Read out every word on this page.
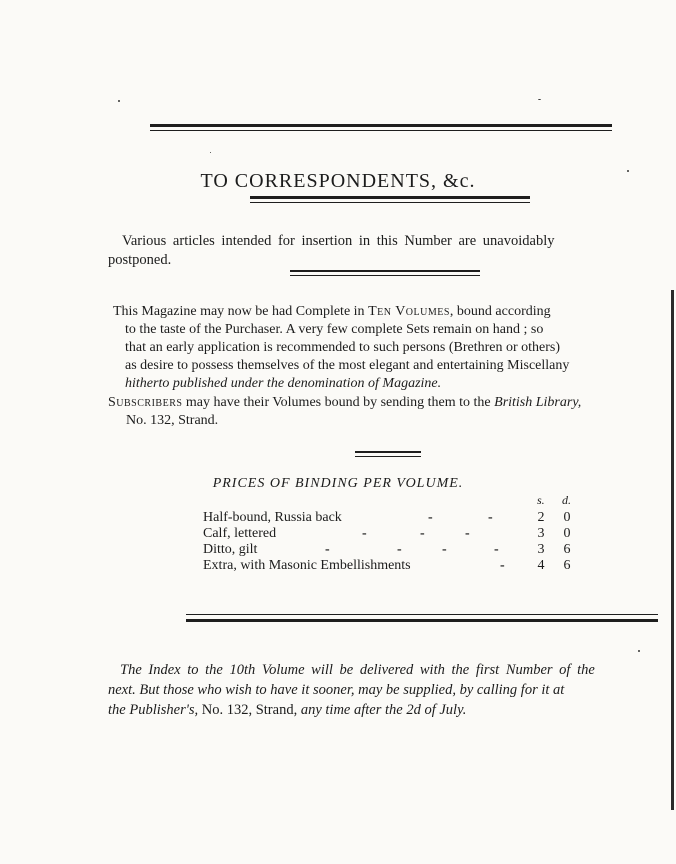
TO CORRESPONDENTS, &c.
Various articles intended for insertion in this Number are unavoidably
postponed.
This Magazine may now be had Complete in Ten Volumes, bound according
to the taste of the Purchaser. A very few complete Sets remain on hand ; so
that an early application is recommended to such persons (Brethren or others)
as desire to possess themselves of the most elegant and entertaining Miscellany
hitherto published under the denomination of Magazine.
Subscribers may have their Volumes bound by sending them to the British Library,
No. 132, Strand.
PRICES OF BINDING PER VOLUME.
s. d.
Half-bound, Russia back	-	-	2 0
Calf, lettered	-	-	-	3 0
Ditto, gilt	-	-	-	-	3 6
Extra, with Masonic Embellishments	- 4 6
The Index to the 10th Volume will be delivered with the first Number of the
next. But those who wish to have it sooner, may be supplied, by calling for it at
the Publisher's, No. 132, Strand, any time after the 2d of July.
